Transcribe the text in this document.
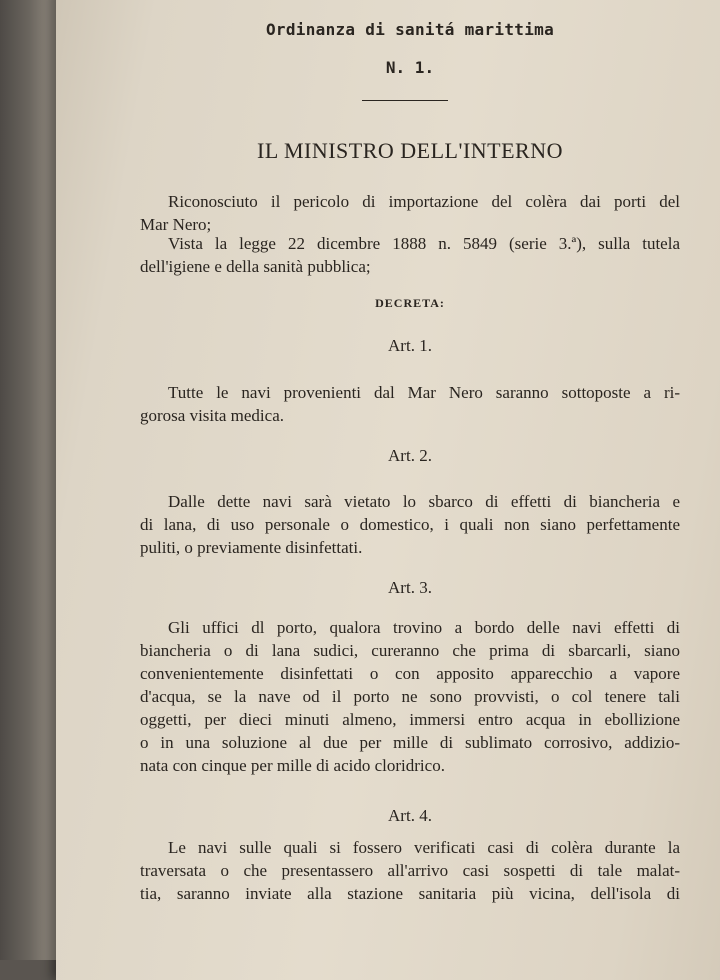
Ordinanza di sanitá marittima
N. 1.
IL MINISTRO DELL'INTERNO

Riconosciuto il pericolo di importazione del colèra dai porti del
Mar Nero;

Vista la legge 22 dicembre 1888 n. 5849 (serie 3.ª), sulla tutela
dell'igiene e della sanità pubblica;

DECRETA:
Art. 1.

Tutte le navi provenienti dal Mar Nero saranno sottoposte a ri-
gorosa visita medica.

Art. 2.

Dalle dette navi sarà vietato lo sbarco di effetti di biancheria e
di lana, di uso personale o domestico, i quali non siano perfettamente
puliti, o previamente disinfettati.

Art. 3.

Gli uffici dl porto, qualora trovino a bordo delle navi effetti di
biancheria o di lana sudici, cureranno che prima di sbarcarli, siano
convenientemente disinfettati o con apposito apparecchio a vapore
d'acqua, se la nave od il porto ne sono provvisti, o col tenere tali
oggetti, per dieci minuti almeno, immersi entro acqua in ebollizione
o in una soluzione al due per mille di sublimato corrosivo, addizio-
nata con cinque per mille di acido cloridrico.

Art. 4.

Le navi sulle quali si fossero verificati casi di colèra durante la
traversata o che presentassero all'arrivo casi sospetti di tale malat-
tia, saranno inviate alla stazione sanitaria più vicina, dell'isola di
